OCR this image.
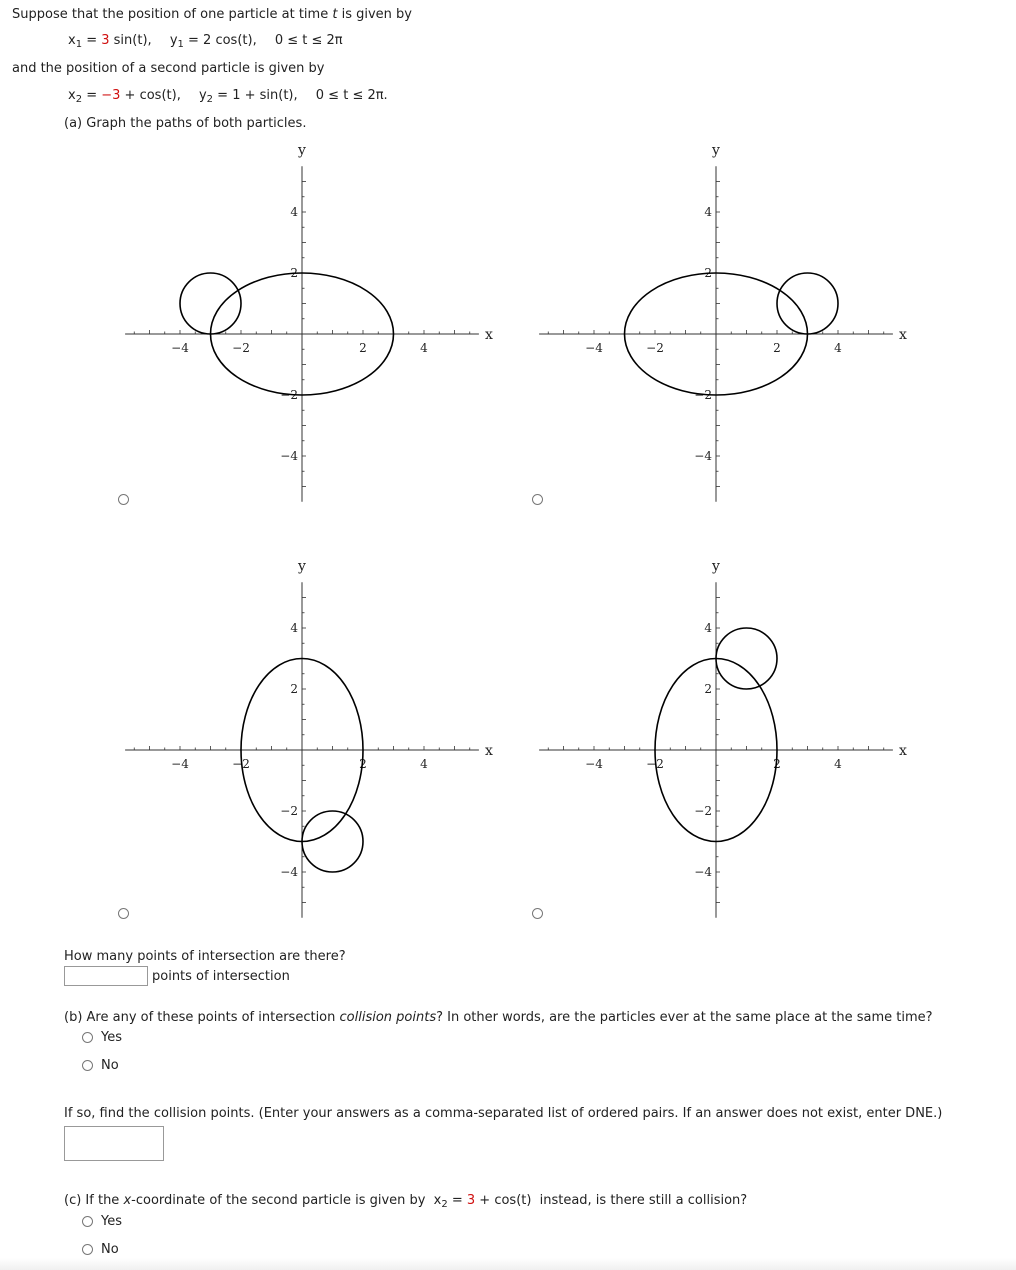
Suppose that the position of one particle at time t is given by
$x_1 = 3$ sin(t), $y_1 = 2$ cos(t), 0 ≤ t ≤ 2π
and the position of a second particle is given by
$x_2 = -3 + \cos(t)$, $y_2 = 1 + \sin(t)$, 0 ≤ t ≤ 2π.
(a) Graph the paths of both particles.
−4	−2	2	4
4
2
−2
−4
x
y
−4	−2	2	4
4
2
−2
−4
x
y
−4	−2	2	4
4
2
−2
−4
x
y
−4	−2	2	4
4
2
−2
−4
x
y
How many points of intersection are there?
points of intersection
(b) Are any of these points of intersection collision points? In other words, are the particles ever at the same place at the same time?
Yes
No
If so, find the collision points. (Enter your answers as a comma-separated list of ordered pairs. If an answer does not exist, enter DNE.)
(c) If the x-coordinate of the second particle is given by $x_2 = 3 + \cos(t)$ instead, is there still a collision?
Yes
No
